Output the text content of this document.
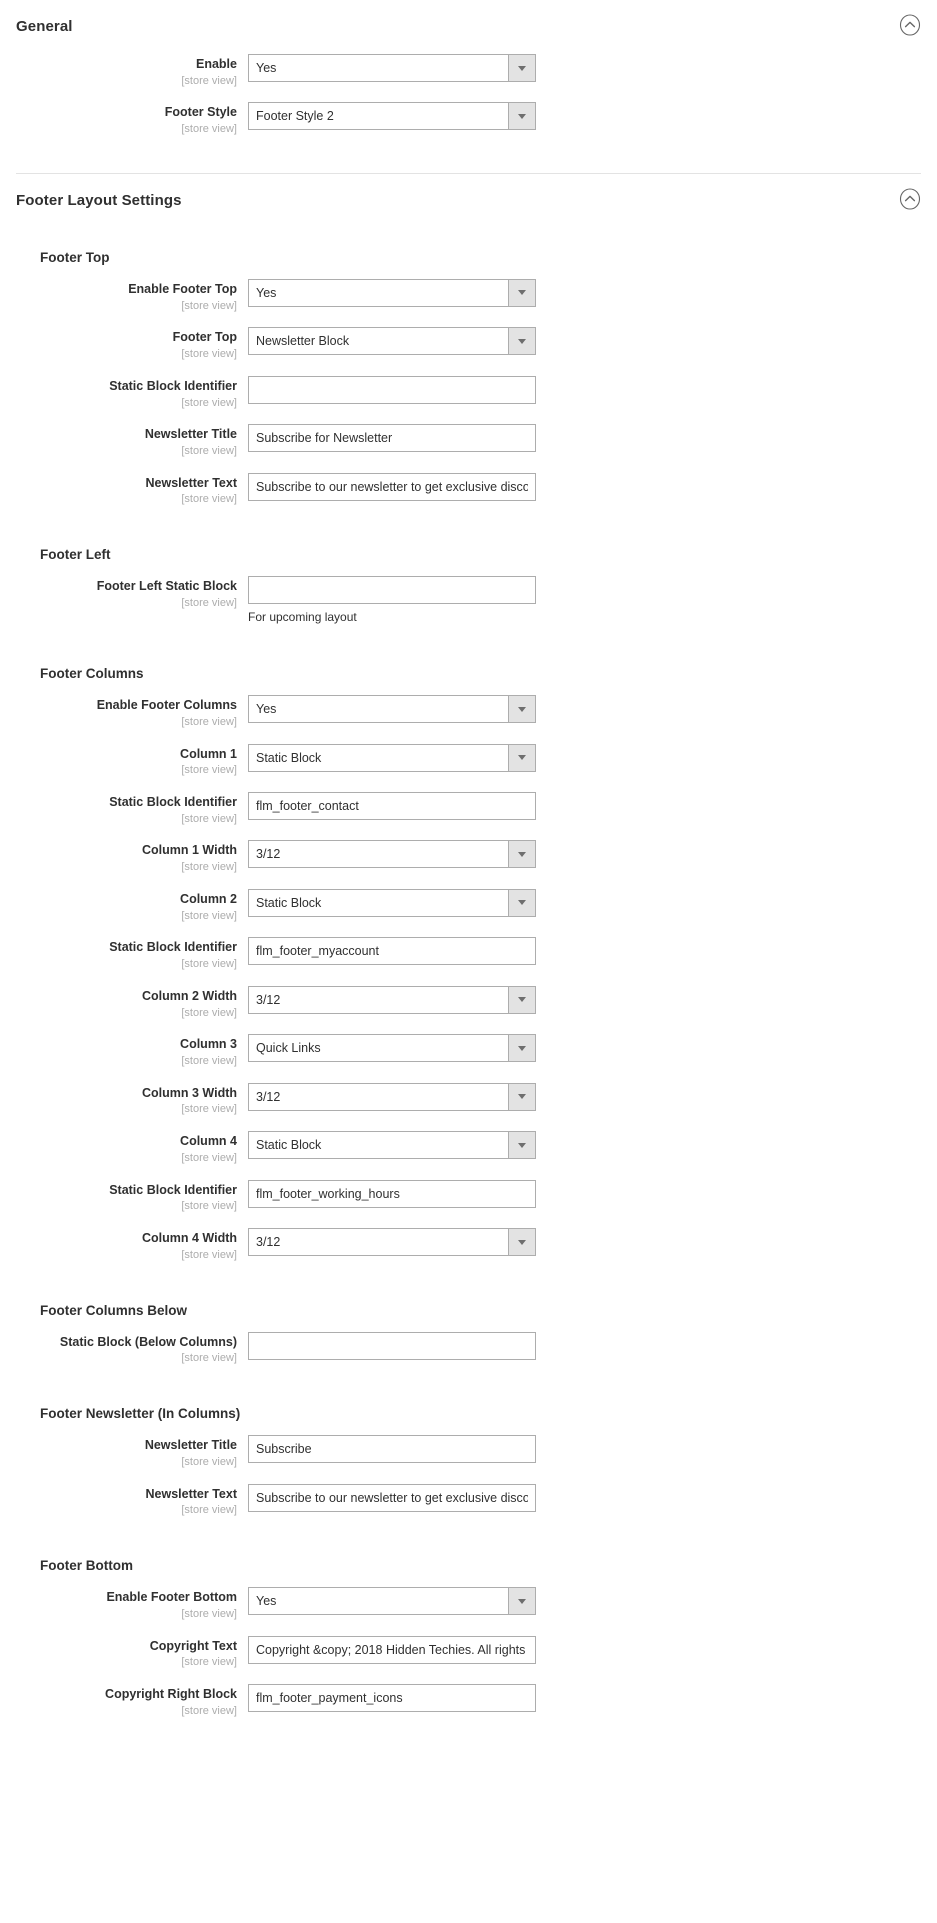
General
Enable
[store view]
Yes
Footer Style
[store view]
Footer Style 2
Footer Layout Settings
Footer Top
Enable Footer Top
[store view]
Yes
Footer Top
[store view]
Newsletter Block
Static Block Identifier
[store view]
Newsletter Title
[store view]
Subscribe for Newsletter
Newsletter Text
[store view]
Subscribe to our newsletter to get exclusive discount
Footer Left
Footer Left Static Block
[store view]
For upcoming layout
Footer Columns
Enable Footer Columns
[store view]
Yes
Column 1
[store view]
Static Block
Static Block Identifier
[store view]
flm_footer_contact
Column 1 Width
[store view]
3/12
Column 2
[store view]
Static Block
Static Block Identifier
[store view]
flm_footer_myaccount
Column 2 Width
[store view]
3/12
Column 3
[store view]
Quick Links
Column 3 Width
[store view]
3/12
Column 4
[store view]
Static Block
Static Block Identifier
[store view]
flm_footer_working_hours
Column 4 Width
[store view]
3/12
Footer Columns Below
Static Block (Below Columns)
[store view]
Footer Newsletter (In Columns)
Newsletter Title
[store view]
Subscribe
Newsletter Text
[store view]
Subscribe to our newsletter to get exclusive discount
Footer Bottom
Enable Footer Bottom
[store view]
Yes
Copyright Text
[store view]
Copyright &copy; 2018 Hidden Techies. All rights reserved.
Copyright Right Block
[store view]
flm_footer_payment_icons
